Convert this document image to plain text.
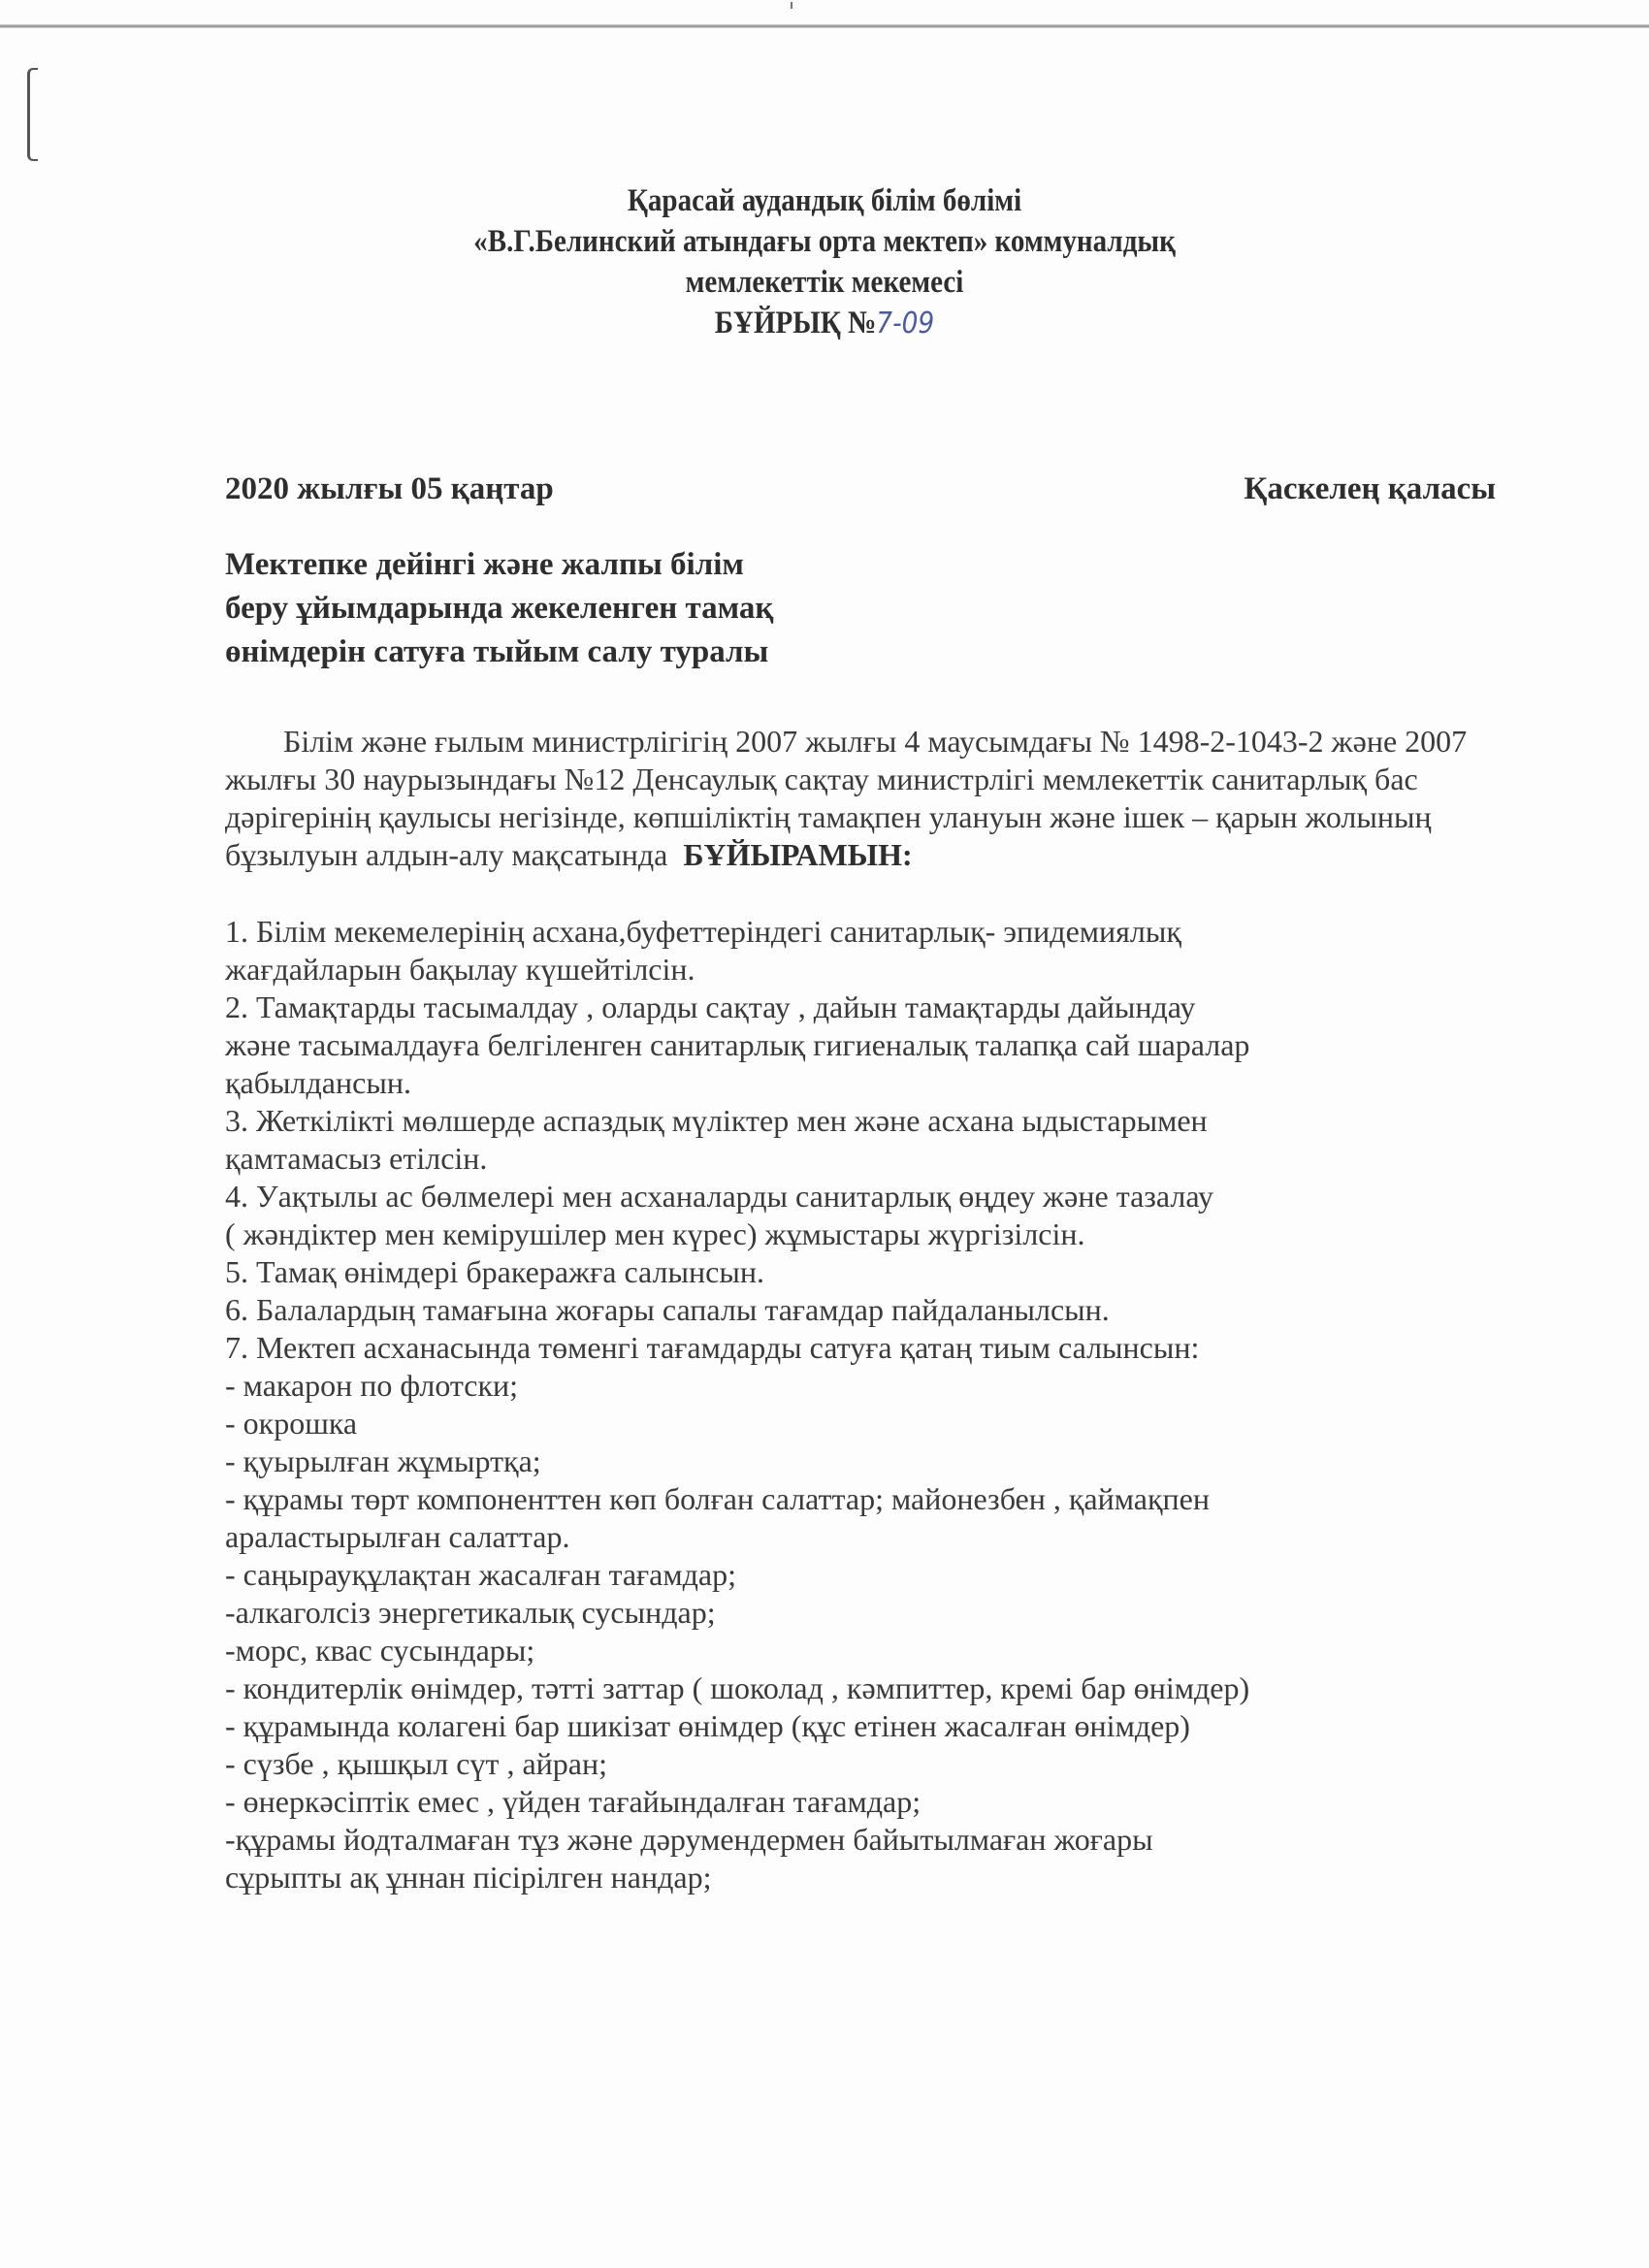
Қарасай аудандық білім бөлімі
«В.Г.Белинский атындағы орта мектеп» коммуналдық
мемлекеттік мекемесі
БҰЙРЫҚ №7-09
2020 жылғы 05 қаңтар	Қаскелең қаласы
Мектепке дейінгі және жалпы білім
беру ұйымдарында жекеленген тамақ
өнімдерін сатуға тыйым салу туралы

Білім және ғылым министрлігігің 2007 жылғы 4 маусымдағы № 1498-2-1043-2 және 2007 жылғы 30 наурызындағы №12 Денсаулық сақтау министрлігі мемлекеттік санитарлық бас дәрігерінің қаулысы негізінде, көпшіліктің тамақпен улануын және ішек – қарын жолының бұзылуын алдын-алу мақсатында БҰЙЫРАМЫН:

1. Білім мекемелерінің асхана,буфеттеріндегі санитарлық- эпидемиялық

жағдайларын бақылау күшейтілсін.

2. Тамақтарды тасымалдау , оларды сақтау , дайын тамақтарды дайындау

және тасымалдауға белгіленген санитарлық гигиеналық талапқа сай шаралар

қабылдансын.

3. Жеткілікті мөлшерде аспаздық мүліктер мен және асхана ыдыстарымен

қамтамасыз етілсін.

4. Уақтылы ас бөлмелері мен асханаларды санитарлық өңдеу және тазалау

( жәндіктер мен кемірушілер мен күрес) жұмыстары жүргізілсін.

5. Тамақ өнімдері бракеражға салынсын.

6. Балалардың тамағына жоғары сапалы тағамдар пайдаланылсын.

7. Мектеп асханасында төменгі тағамдарды сатуға қатаң тиым салынсын:

- макарон по флотски;

- окрошка

- қуырылған жұмыртқа;

- құрамы төрт компоненттен көп болған салаттар; майонезбен , қаймақпен

араластырылған салаттар.

- саңырауқұлақтан жасалған тағамдар;

-алкаголсіз энергетикалық сусындар;

-морс, квас сусындары;

- кондитерлік өнімдер, тәтті заттар ( шоколад , кәмпиттер, кремі бар өнімдер)

- құрамында колагені бар шикізат өнімдер (құс етінен жасалған өнімдер)

- сүзбе , қышқыл сүт , айран;

- өнеркәсіптік емес , үйден тағайындалған тағамдар;

-құрамы йодталмаған тұз және дәрумендермен байытылмаған жоғары

сұрыпты ақ ұннан пісірілген нандар;
